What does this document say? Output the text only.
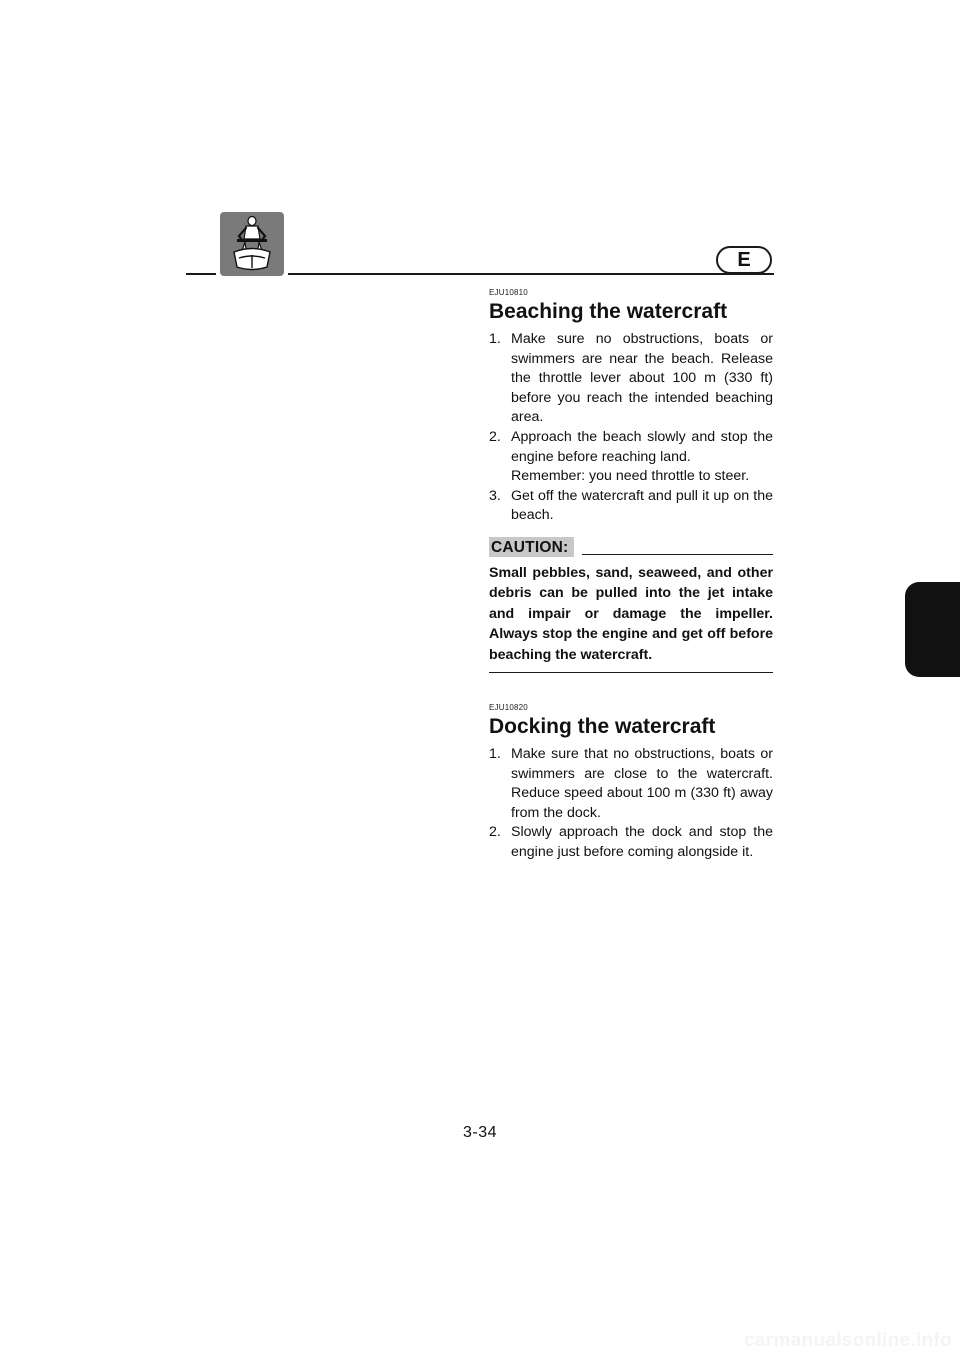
E
EJU10810
Beaching the watercraft
1. Make sure no obstructions, boats or swimmers are near the beach. Release the throttle lever about 100 m (330 ft) before you reach the intended beaching area.
2. Approach the beach slowly and stop the engine before reaching land.
Remember: you need throttle to steer.
3. Get off the watercraft and pull it up on the beach.
CAUTION:
Small pebbles, sand, seaweed, and other debris can be pulled into the jet intake and impair or damage the impeller. Always stop the engine and get off before beaching the watercraft.
EJU10820
Docking the watercraft
1. Make sure that no obstructions, boats or swimmers are close to the watercraft. Reduce speed about 100 m (330 ft) away from the dock.
2. Slowly approach the dock and stop the engine just before coming alongside it.
3-34
carmanualsonline.info
